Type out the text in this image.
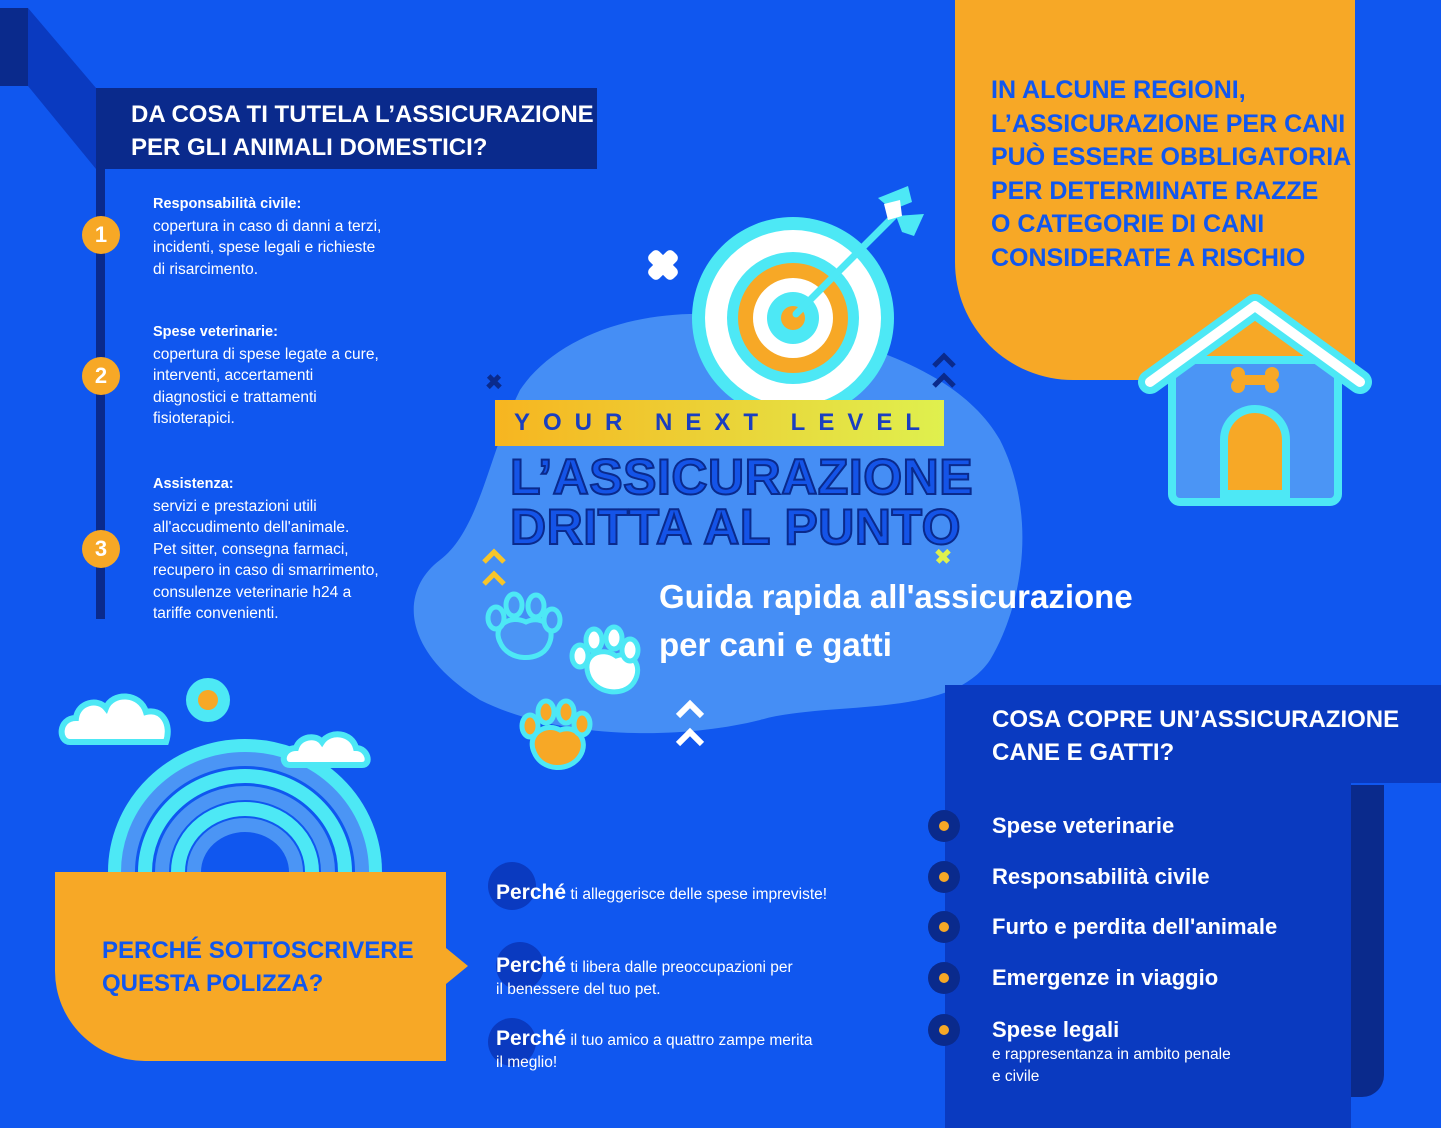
DA COSA TI TUTELA L’ASSICURAZIONE
PER GLI ANIMALI DOMESTICI?
1
Responsabilità civile:
copertura in caso di danni a terzi,
incidenti, spese legali e richieste
di risarcimento.
2
Spese veterinarie:
copertura di spese legate a cure,
interventi, accertamenti
diagnostici e trattamenti
fisioterapici.
3
Assistenza:
servizi e prestazioni utili
all'accudimento dell'animale.
Pet sitter, consegna farmaci,
recupero in caso di smarrimento,
consulenze veterinarie h24 a
tariffe convenienti.
IN ALCUNE REGIONI,
L’ASSICURAZIONE PER CANI
PUÒ ESSERE OBBLIGATORIA
PER DETERMINATE RAZZE
O CATEGORIE DI CANI
CONSIDERATE A RISCHIO
YOUR NEXT LEVEL
L’ASSICURAZIONE
DRITTA AL PUNTO
Guida rapida all'assicurazione
per cani e gatti
COSA COPRE UN’ASSICURAZIONE
CANE E GATTI?
Spese veterinarie
Responsabilità civile
Furto e perdita dell'animale
Emergenze in viaggio
Spese legali
e rappresentanza in ambito penale
e civile
PERCHÉ SOTTOSCRIVERE
QUESTA POLIZZA?
Perché ti alleggerisce delle spese impreviste!
Perché ti libera dalle preoccupazioni per
il benessere del tuo pet.
Perché il tuo amico a quattro zampe merita
il meglio!
